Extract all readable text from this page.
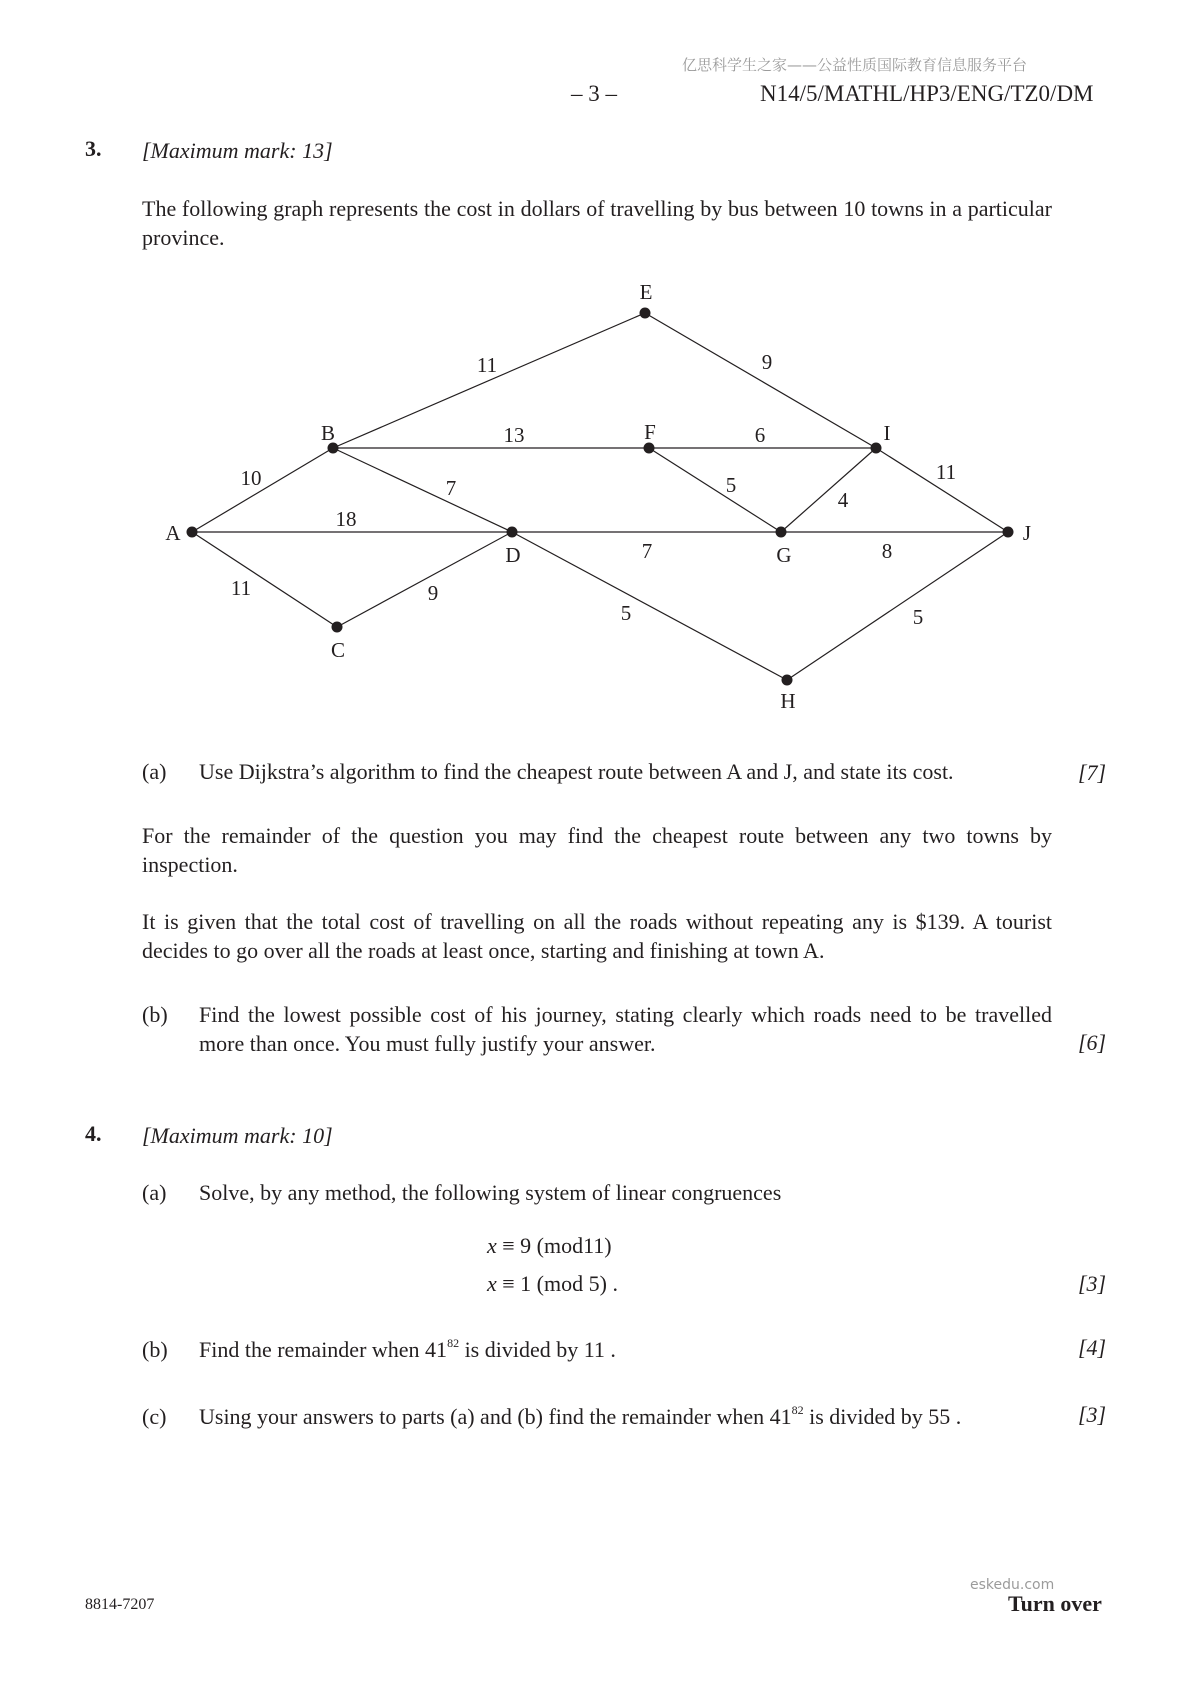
亿思科学生之家——公益性质国际教育信息服务平台
– 3 –	N14/5/MATHL/HP3/ENG/TZ0/DM
3. [Maximum mark: 13]
The following graph represents the cost in dollars of travelling by bus between 10 towns in a particular province.
A
B
C
D
E
F
G
H
I
J
11	9
13	6
10	7	5
4
11
18
7	8
11	9
5	5
(a) Use Dijkstra’s algorithm to find the cheapest route between A and J, and state its cost.	[7]
For the remainder of the question you may find the cheapest route between any two towns by inspection.
It is given that the total cost of travelling on all the roads without repeating any is $139. A tourist decides to go over all the roads at least once, starting and finishing at town A.
(b) Find the lowest possible cost of his journey, stating clearly which roads need to be travelled more than once. You must fully justify your answer.	[6]
4. [Maximum mark: 10]
(a) Solve, by any method, the following system of linear congruences
x ≡ 9 (mod11)
x ≡ 1 (mod 5) .	[3]
(b) Find the remainder when $41^{82}$ is divided by 11 .	[4]
(c) Using your answers to parts (a) and (b) find the remainder when $41^{82}$ is divided by 55 .	[3]
8814-7207
eskedu.com
Turn over
